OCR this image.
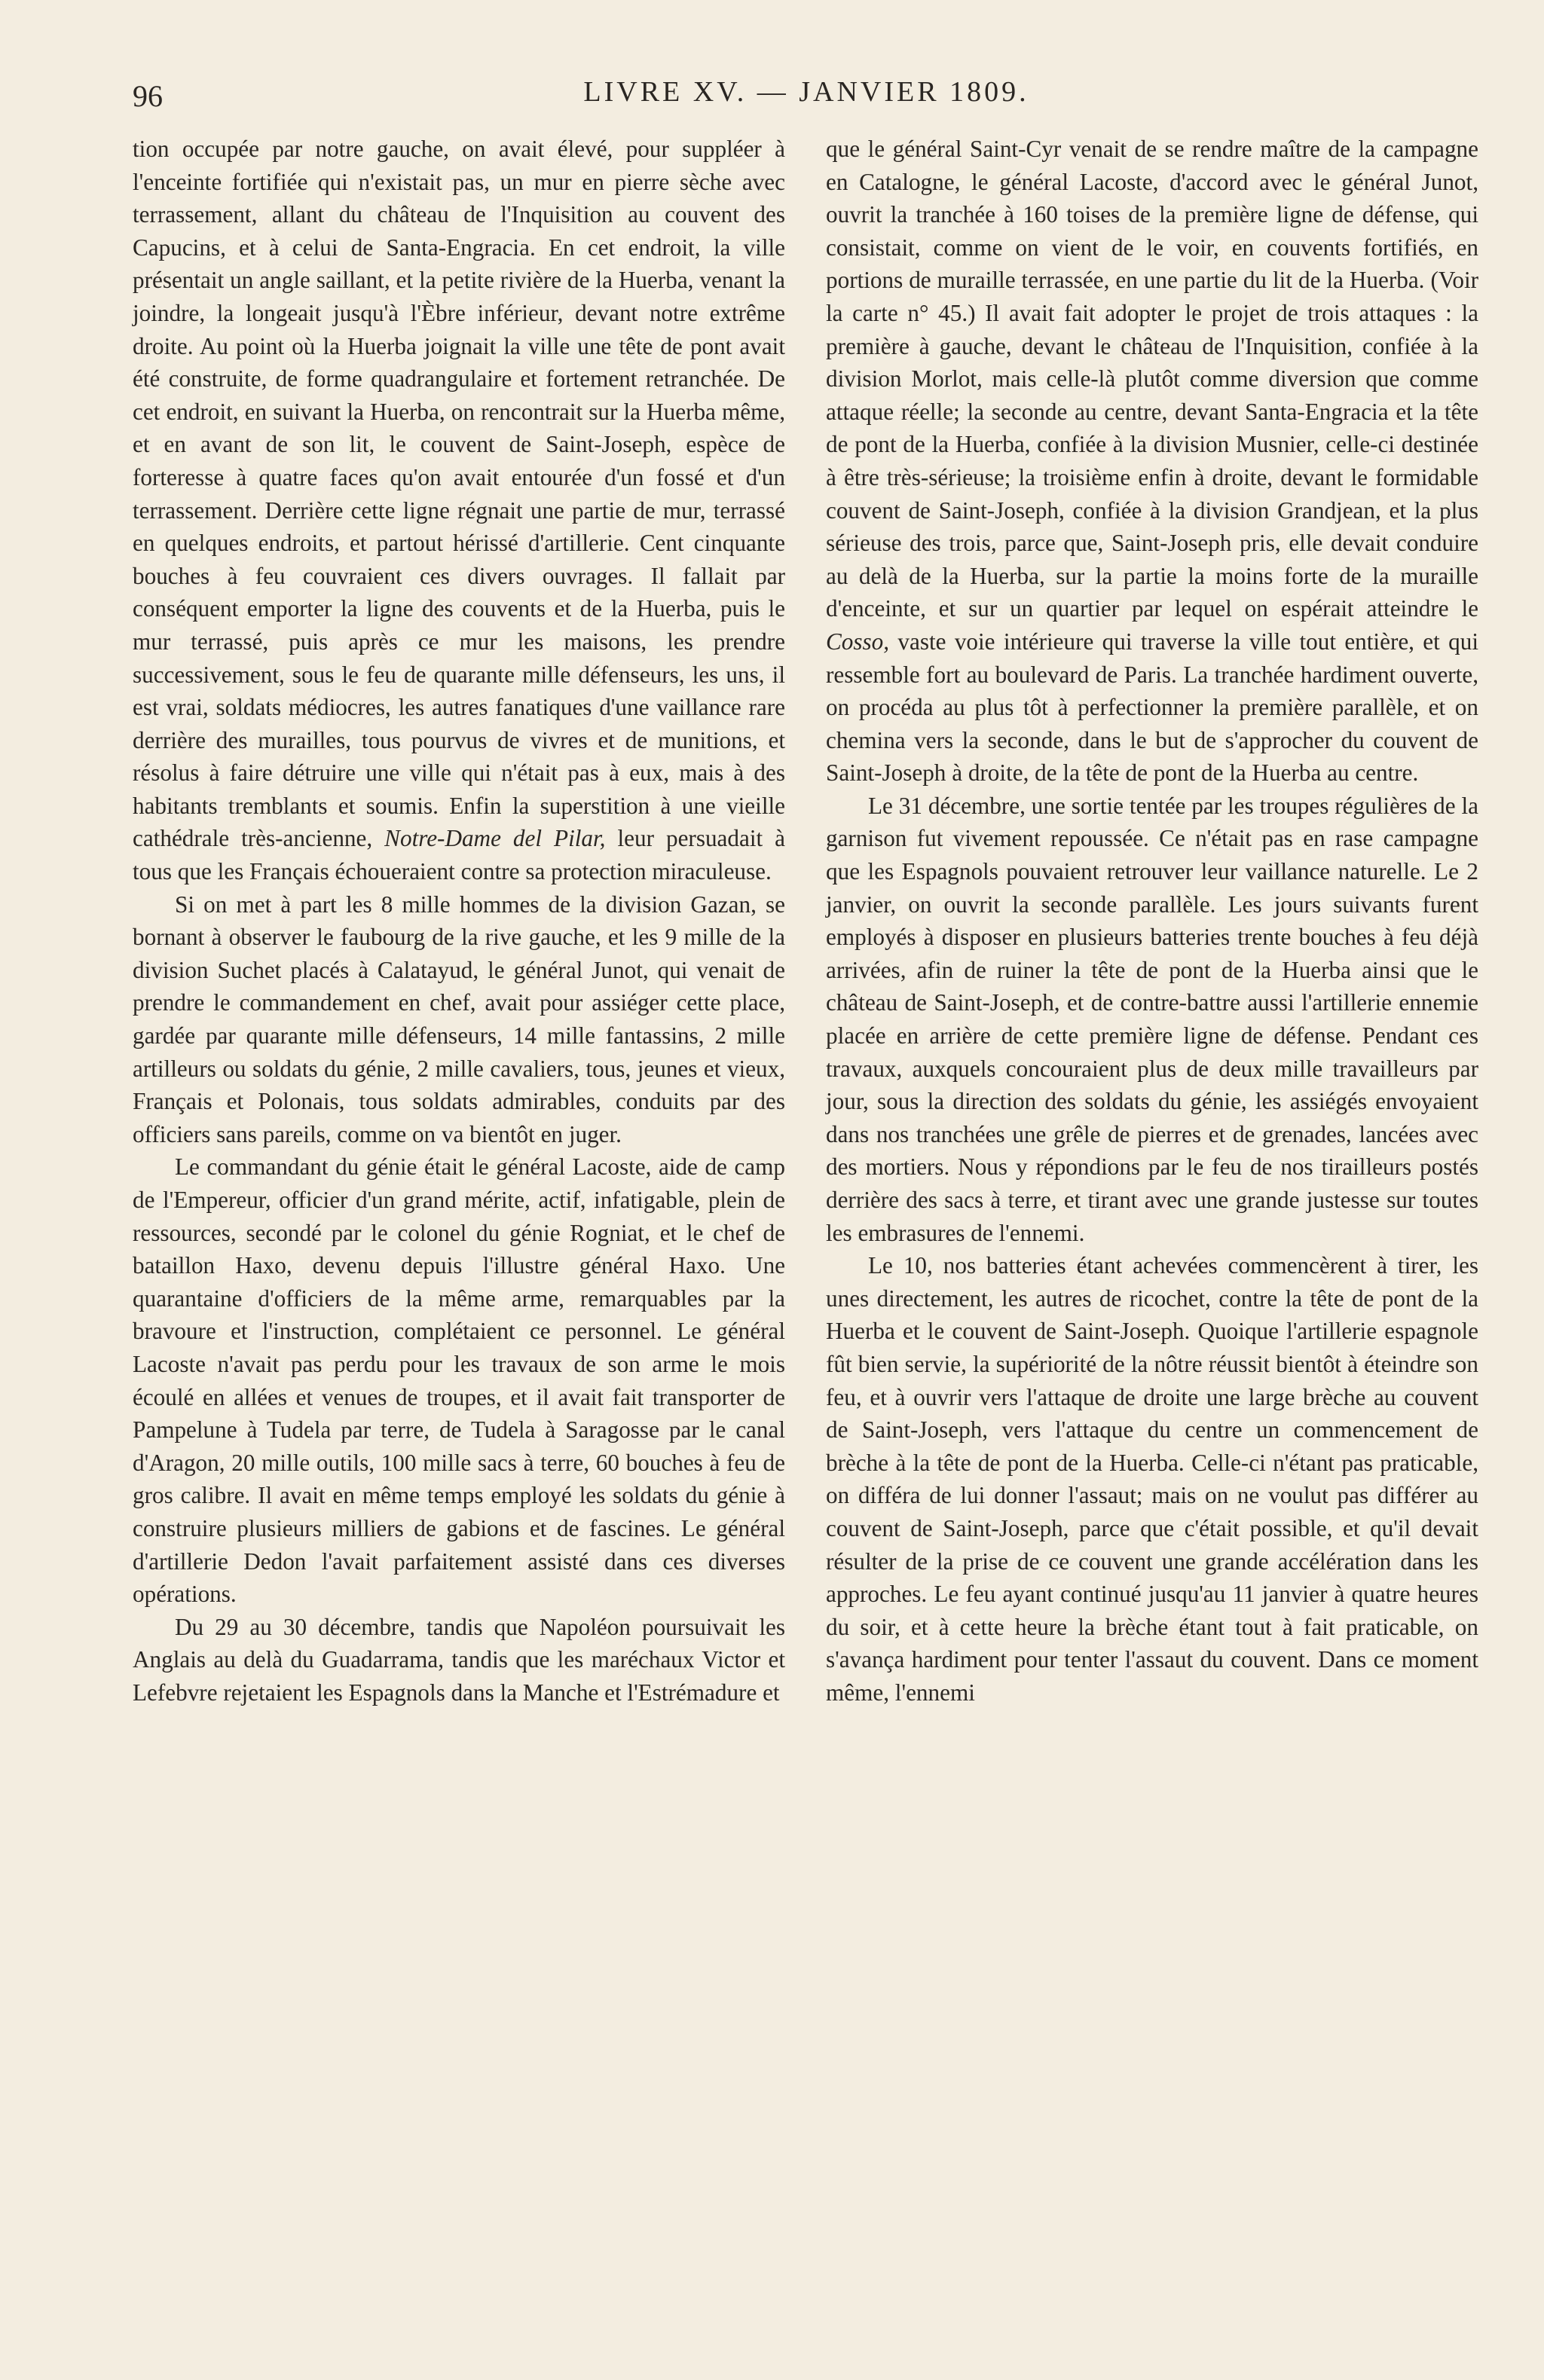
96	LIVRE XV. — JANVIER 1809.

tion occupée par notre gauche, on avait élevé, pour suppléer à l'enceinte fortifiée qui n'existait pas, un mur en pierre sèche avec terrassement, allant du château de l'Inquisition au couvent des Capucins, et à celui de Santa-Engracia. En cet endroit, la ville présentait un angle saillant, et la petite rivière de la Huerba, venant la joindre, la longeait jusqu'à l'Èbre inférieur, devant notre extrême droite. Au point où la Huerba joignait la ville une tête de pont avait été construite, de forme quadrangulaire et fortement retranchée. De cet endroit, en suivant la Huerba, on rencontrait sur la Huerba même, et en avant de son lit, le couvent de Saint-Joseph, espèce de forteresse à quatre faces qu'on avait entourée d'un fossé et d'un terrassement. Derrière cette ligne régnait une partie de mur, terrassé en quelques endroits, et partout hérissé d'artillerie. Cent cinquante bouches à feu couvraient ces divers ouvrages. Il fallait par conséquent emporter la ligne des couvents et de la Huerba, puis le mur terrassé, puis après ce mur les maisons, les prendre successivement, sous le feu de quarante mille défenseurs, les uns, il est vrai, soldats médiocres, les autres fanatiques d'une vaillance rare derrière des murailles, tous pourvus de vivres et de munitions, et résolus à faire détruire une ville qui n'était pas à eux, mais à des habitants tremblants et soumis. Enfin la superstition à une vieille cathédrale très-ancienne, Notre-Dame del Pilar, leur persuadait à tous que les Français échoueraient contre sa protection miraculeuse.

Si on met à part les 8 mille hommes de la division Gazan, se bornant à observer le faubourg de la rive gauche, et les 9 mille de la division Suchet placés à Calatayud, le général Junot, qui venait de prendre le commandement en chef, avait pour assiéger cette place, gardée par quarante mille défenseurs, 14 mille fantassins, 2 mille artilleurs ou soldats du génie, 2 mille cavaliers, tous, jeunes et vieux, Français et Polonais, tous soldats admirables, conduits par des officiers sans pareils, comme on va bientôt en juger.

Le commandant du génie était le général Lacoste, aide de camp de l'Empereur, officier d'un grand mérite, actif, infatigable, plein de ressources, secondé par le colonel du génie Rogniat, et le chef de bataillon Haxo, devenu depuis l'illustre général Haxo. Une quarantaine d'officiers de la même arme, remarquables par la bravoure et l'instruction, complétaient ce personnel. Le général Lacoste n'avait pas perdu pour les travaux de son arme le mois écoulé en allées et venues de troupes, et il avait fait transporter de Pampelune à Tudela par terre, de Tudela à Saragosse par le canal d'Aragon, 20 mille outils, 100 mille sacs à terre, 60 bouches à feu de gros calibre. Il avait en même temps employé les soldats du génie à construire plusieurs milliers de gabions et de fascines. Le général d'artillerie Dedon l'avait parfaitement assisté dans ces diverses opérations.

Du 29 au 30 décembre, tandis que Napoléon poursuivait les Anglais au delà du Guadarrama, tandis que les maréchaux Victor et Lefebvre rejetaient les Espagnols dans la Manche et l'Estrémadure et

que le général Saint-Cyr venait de se rendre maître de la campagne en Catalogne, le général Lacoste, d'accord avec le général Junot, ouvrit la tranchée à 160 toises de la première ligne de défense, qui consistait, comme on vient de le voir, en couvents fortifiés, en portions de muraille terrassée, en une partie du lit de la Huerba. (Voir la carte n° 45.) Il avait fait adopter le projet de trois attaques : la première à gauche, devant le château de l'Inquisition, confiée à la division Morlot, mais celle-là plutôt comme diversion que comme attaque réelle; la seconde au centre, devant Santa-Engracia et la tête de pont de la Huerba, confiée à la division Musnier, celle-ci destinée à être très-sérieuse; la troisième enfin à droite, devant le formidable couvent de Saint-Joseph, confiée à la division Grandjean, et la plus sérieuse des trois, parce que, Saint-Joseph pris, elle devait conduire au delà de la Huerba, sur la partie la moins forte de la muraille d'enceinte, et sur un quartier par lequel on espérait atteindre le Cosso, vaste voie intérieure qui traverse la ville tout entière, et qui ressemble fort au boulevard de Paris. La tranchée hardiment ouverte, on procéda au plus tôt à perfectionner la première parallèle, et on chemina vers la seconde, dans le but de s'approcher du couvent de Saint-Joseph à droite, de la tête de pont de la Huerba au centre.

Le 31 décembre, une sortie tentée par les troupes régulières de la garnison fut vivement repoussée. Ce n'était pas en rase campagne que les Espagnols pouvaient retrouver leur vaillance naturelle. Le 2 janvier, on ouvrit la seconde parallèle. Les jours suivants furent employés à disposer en plusieurs batteries trente bouches à feu déjà arrivées, afin de ruiner la tête de pont de la Huerba ainsi que le château de Saint-Joseph, et de contre-battre aussi l'artillerie ennemie placée en arrière de cette première ligne de défense. Pendant ces travaux, auxquels concouraient plus de deux mille travailleurs par jour, sous la direction des soldats du génie, les assiégés envoyaient dans nos tranchées une grêle de pierres et de grenades, lancées avec des mortiers. Nous y répondions par le feu de nos tirailleurs postés derrière des sacs à terre, et tirant avec une grande justesse sur toutes les embrasures de l'ennemi.

Le 10, nos batteries étant achevées commencèrent à tirer, les unes directement, les autres de ricochet, contre la tête de pont de la Huerba et le couvent de Saint-Joseph. Quoique l'artillerie espagnole fût bien servie, la supériorité de la nôtre réussit bientôt à éteindre son feu, et à ouvrir vers l'attaque de droite une large brèche au couvent de Saint-Joseph, vers l'attaque du centre un commencement de brèche à la tête de pont de la Huerba. Celle-ci n'étant pas praticable, on différa de lui donner l'assaut; mais on ne voulut pas différer au couvent de Saint-Joseph, parce que c'était possible, et qu'il devait résulter de la prise de ce couvent une grande accélération dans les approches. Le feu ayant continué jusqu'au 11 janvier à quatre heures du soir, et à cette heure la brèche étant tout à fait praticable, on s'avança hardiment pour tenter l'assaut du couvent. Dans ce moment même, l'ennemi
